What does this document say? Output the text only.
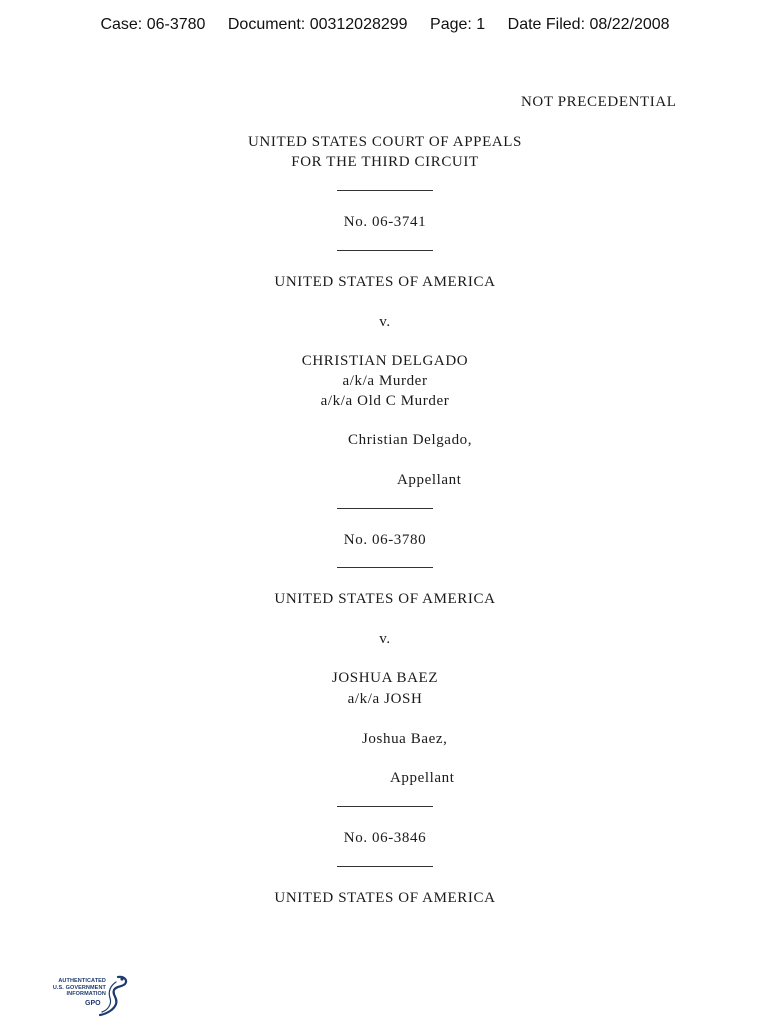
Case: 06-3780 Document: 00312028299 Page: 1 Date Filed: 08/22/2008
NOT PRECEDENTIAL
UNITED STATES COURT OF APPEALS
FOR THE THIRD CIRCUIT
No. 06-3741
UNITED STATES OF AMERICA
v.
CHRISTIAN DELGADO
a/k/a Murder
a/k/a Old C Murder
Christian Delgado,
Appellant
No. 06-3780
UNITED STATES OF AMERICA
v.
JOSHUA BAEZ
a/k/a JOSH
Joshua Baez,
Appellant
No. 06-3846
UNITED STATES OF AMERICA
AUTHENTICATED
U.S. GOVERNMENT
INFORMATION
GPO
